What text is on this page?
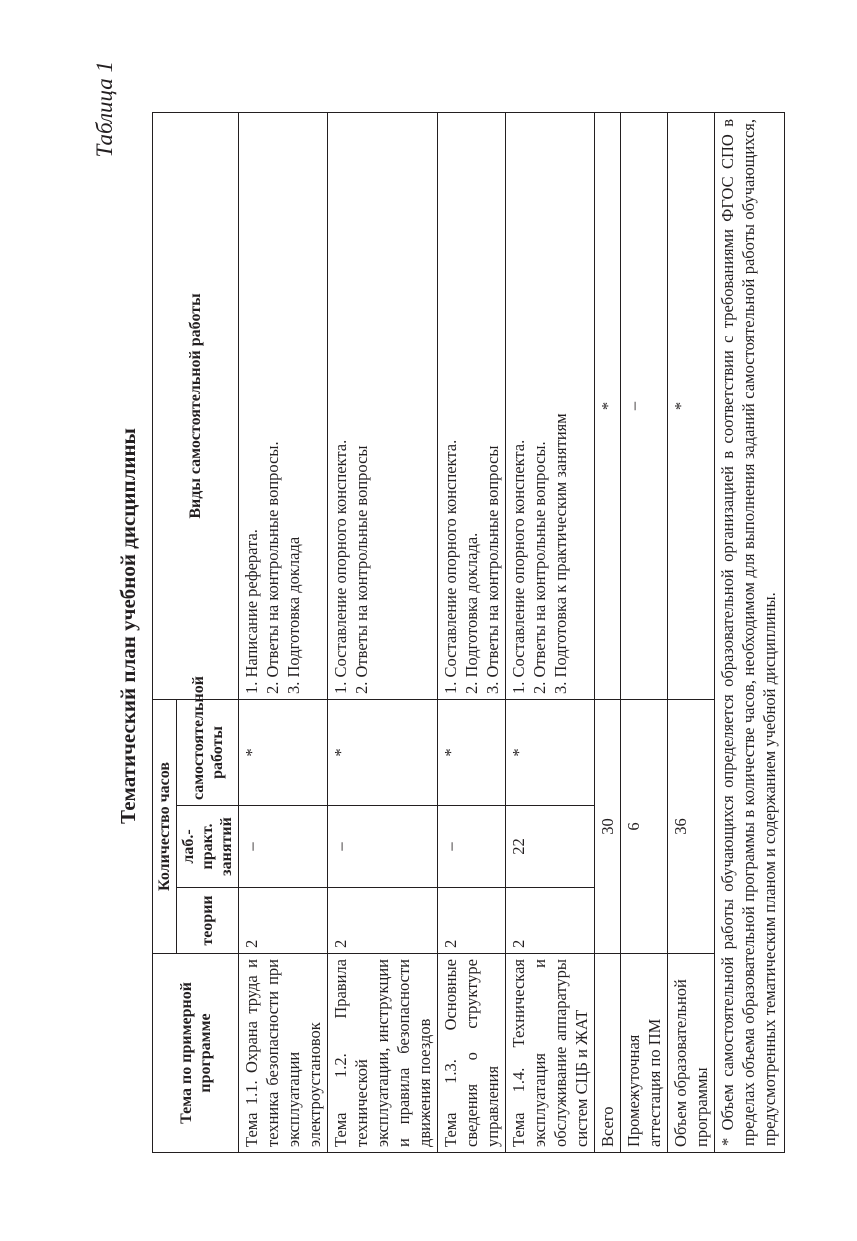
Таблица 1
Тематический план учебной дисциплины
Тема по примерной программе	Количество часов			Виды самостоятельной работы
	теории	лаб.-практ. занятий	самостоятельной работы	
Тема 1.1. Охрана труда и техника безопасности при эксплуатации электроустановок	2	–	*	1. Написание реферата. 2. Ответы на контрольные вопросы. 3. Подготовка доклада

Тема 1.2. Правила технической эксплуатации, инструкции и правила безопасности движения поездов	2	–	*	1. Составление опорного конспекта. 2. Ответы на контрольные вопросы

Тема 1.3. Основные сведения о структуре управления	2	–	*	1. Составление опорного конспекта. 2. Подготовка доклада. 3. Ответы на контрольные вопросы

Тема 1.4. Техническая эксплуатация и обслуживание аппаратуры систем СЦБ и ЖАТ	2	22	*	1. Составление опорного конспекта. 2. Ответы на контрольные вопросы. 3. Подготовка к практическим занятиям

Всего	30			*
Промежуточная аттестация по ПМ	6			–
Объем образовательной программы	36			*
* Объем самостоятельной работы обучающихся определяется образовательной организацией в соответствии с требованиями ФГОС СПО в пределах объема образовательной программы в количестве часов, необходимом для выполнения заданий самостоятельной работы обучающихся, предусмотренных тематическим планом и содержанием учебной дисциплины.				
